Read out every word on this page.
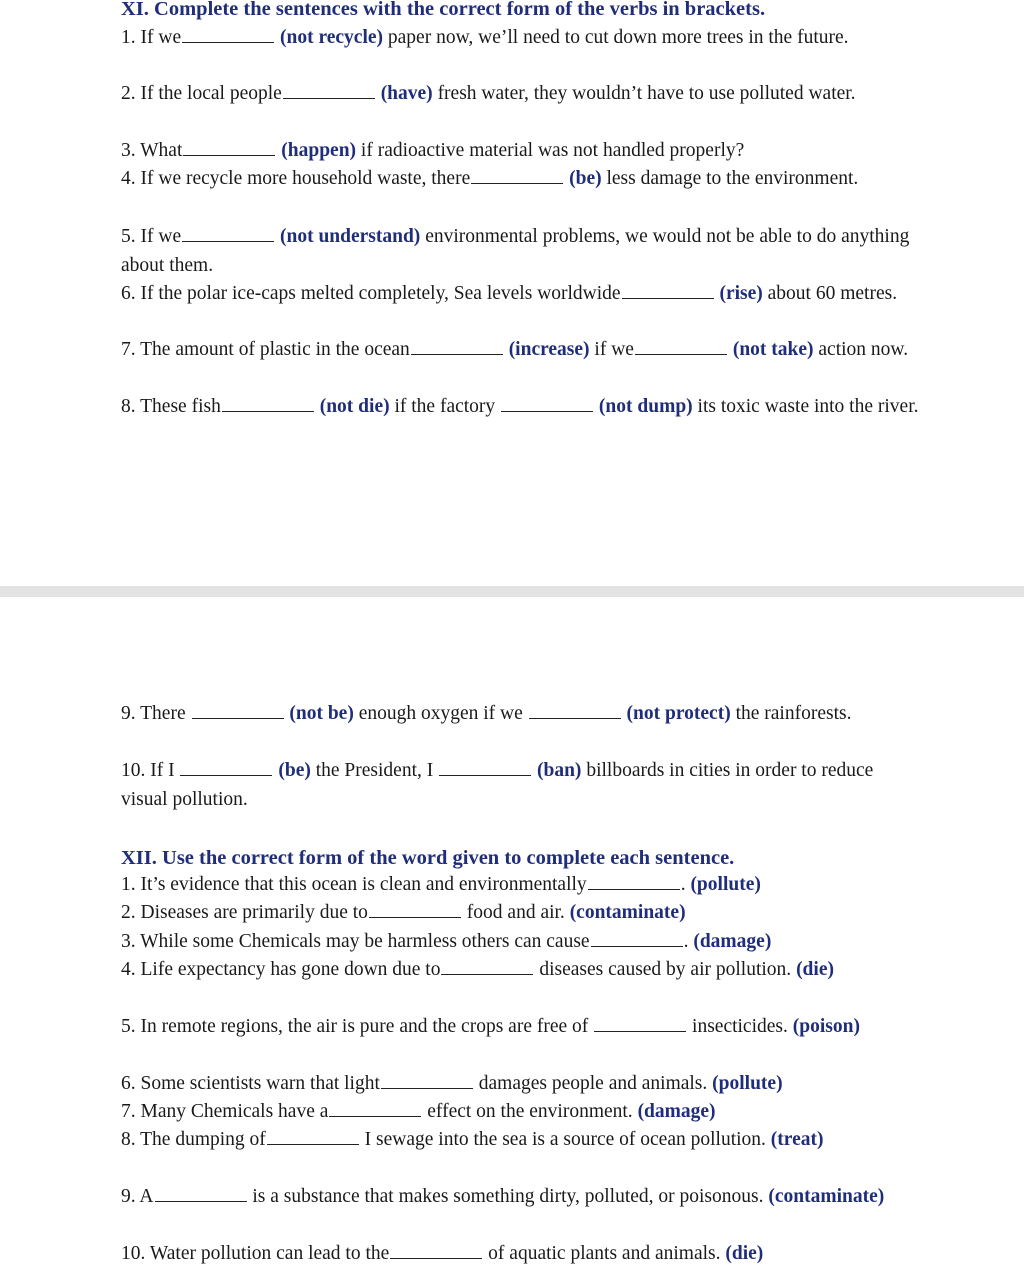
XI. Complete the sentences with the correct form of the verbs in brackets.
1. If we	(not recycle) paper now, we’ll need to cut down more trees in the future.
2. If the local people	(have) fresh water, they wouldn’t have to use polluted water.
3. What	(happen) if radioactive material was not handled properly?
4. If we recycle more household waste, there	(be) less damage to the environment.
5. If we	(not understand) environmental problems, we would not be able to do anything about them.
6. If the polar ice-caps melted completely, Sea levels worldwide	(rise) about 60 metres.
7. The amount of plastic in the ocean	(increase) if we	(not take) action now.
8. These fish	(not die) if the factory	(not dump) its toxic waste into the river.
9. There	(not be) enough oxygen if we	(not protect) the rainforests.
10. If I	(be) the President, I	(ban) billboards in cities in order to reduce visual pollution.
XII. Use the correct form of the word given to complete each sentence.
1. It’s evidence that this ocean is clean and environmentally	. (pollute)
2. Diseases are primarily due to	food and air. (contaminate)
3. While some Chemicals may be harmless others can cause	. (damage)
4. Life expectancy has gone down due to	diseases caused by air pollution. (die)
5. In remote regions, the air is pure and the crops are free of	insecticides. (poison)
6. Some scientists warn that light	damages people and animals. (pollute)
7. Many Chemicals have a	effect on the environment. (damage)
8. The dumping of	I sewage into the sea is a source of ocean pollution. (treat)
9. A	is a substance that makes something dirty, polluted, or poisonous. (contaminate)
10. Water pollution can lead to the	of aquatic plants and animals. (die)
